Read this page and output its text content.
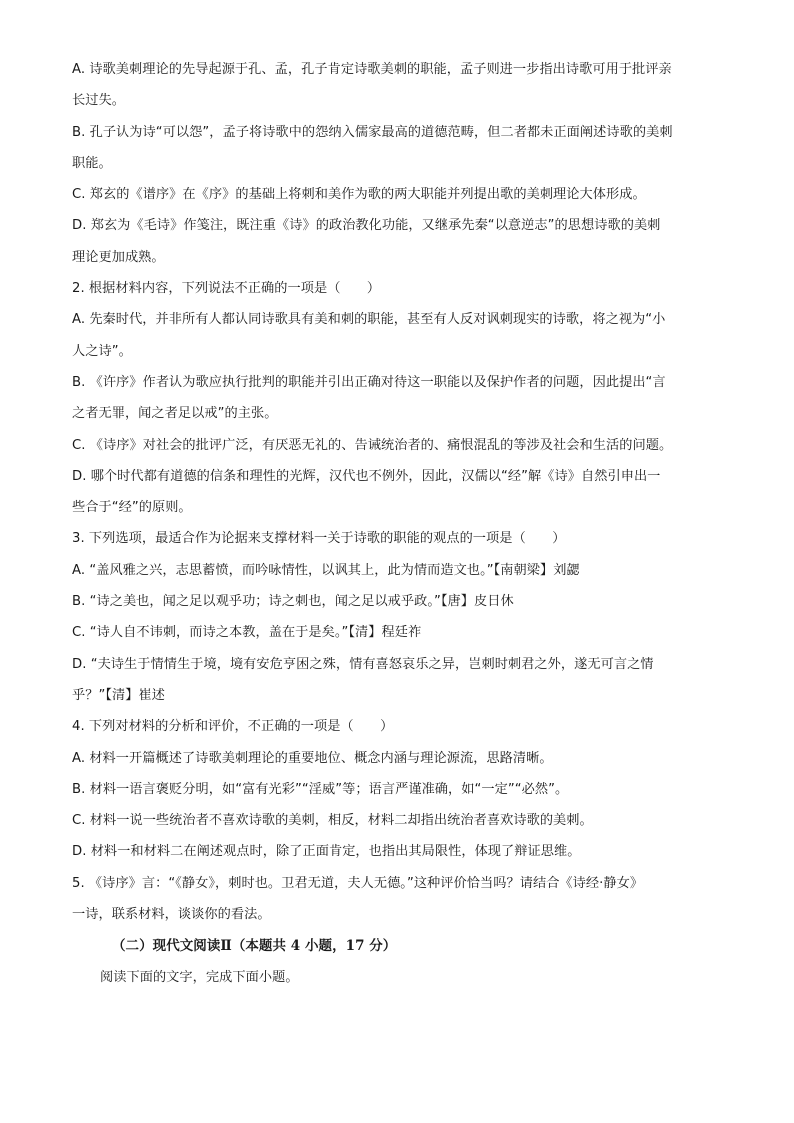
A. 诗歌美刺理论的先导起源于孔、孟，孔子肯定诗歌美刺的职能，孟子则进一步指出诗歌可用于批评亲
长过失。
B. 孔子认为诗“可以怨”，孟子将诗歌中的怨纳入儒家最高的道德范畴，但二者都未正面阐述诗歌的美刺
职能。
C. 郑玄的《谱序》在《序》的基础上将刺和美作为歌的两大职能并列提出歌的美刺理论大体形成。
D. 郑玄为《毛诗》作笺注，既注重《诗》的政治教化功能，又继承先秦“以意逆志”的思想诗歌的美刺
理论更加成熟。
2. 根据材料内容，下列说法不正确的一项是（　　）
A. 先秦时代，并非所有人都认同诗歌具有美和刺的职能，甚至有人反对讽刺现实的诗歌，将之视为“小
人之诗”。
B. 《许序》作者认为歌应执行批判的职能并引出正确对待这一职能以及保护作者的问题，因此提出“言
之者无罪，闻之者足以戒”的主张。
C. 《诗序》对社会的批评广泛，有厌恶无礼的、告诫统治者的、痛恨混乱的等涉及社会和生活的问题。
D. 哪个时代都有道德的信条和理性的光辉，汉代也不例外，因此，汉儒以“经”解《诗》自然引申出一
些合于“经”的原则。
3. 下列选项，最适合作为论据来支撑材料一关于诗歌的职能的观点的一项是（　　）
A. “盖风雅之兴，志思蓄愤，而吟咏情性，以讽其上，此为情而造文也。”【南朝梁】刘勰
B. “诗之美也，闻之足以观乎功；诗之刺也，闻之足以戒乎政。”【唐】皮日休
C. “诗人自不讳刺，而诗之本教，盖在于是矣。”【清】程廷祚
D. “夫诗生于情情生于境，境有安危亨困之殊，情有喜怒哀乐之异，岂刺时刺君之外，遂无可言之情
乎？”【清】崔述
4. 下列对材料的分析和评价，不正确的一项是（　　）
A. 材料一开篇概述了诗歌美刺理论的重要地位、概念内涵与理论源流，思路清晰。
B. 材料一语言褒贬分明，如“富有光彩”“淫威”等；语言严谨准确，如“一定”“必然”。
C. 材料一说一些统治者不喜欢诗歌的美刺，相反，材料二却指出统治者喜欢诗歌的美刺。
D. 材料一和材料二在阐述观点时，除了正面肯定，也指出其局限性，体现了辩证思维。
5. 《诗序》言：“《静女》，刺时也。卫君无道，夫人无德。”这种评价恰当吗？请结合《诗经·静女》
一诗，联系材料，谈谈你的看法。
（二）现代文阅读Ⅱ（本题共 4 小题，17 分）
阅读下面的文字，完成下面小题。
